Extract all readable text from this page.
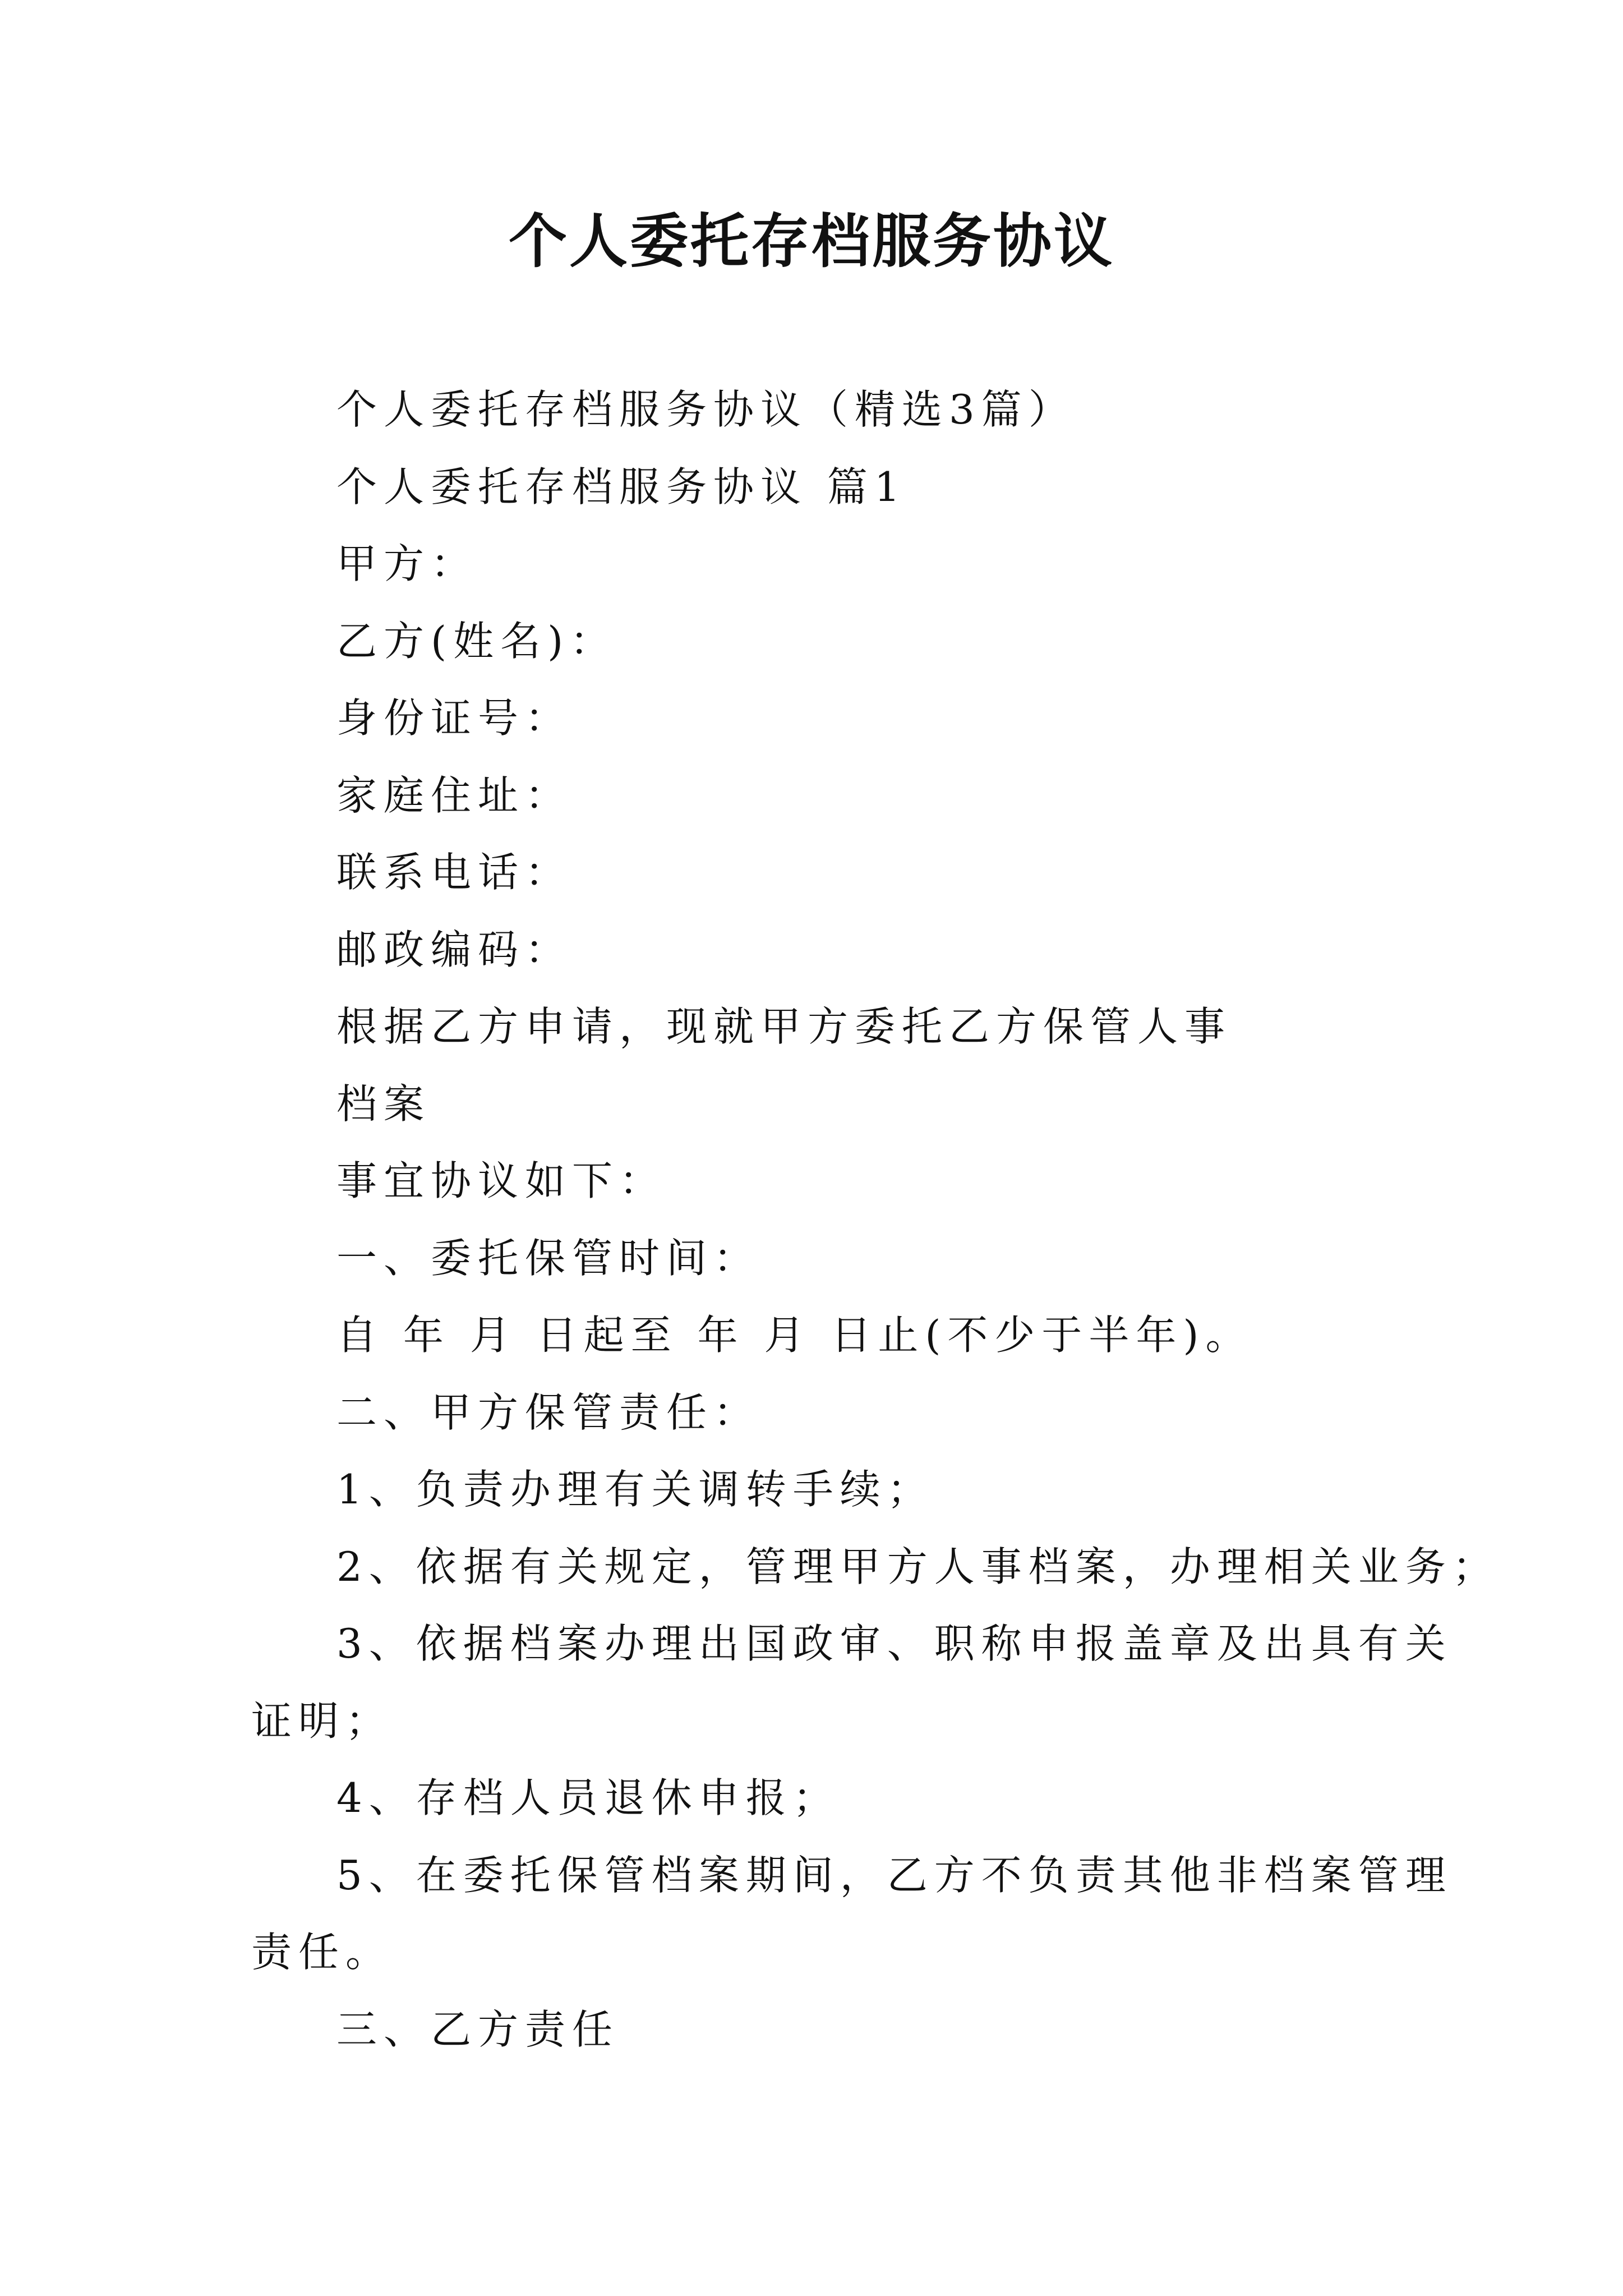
个人委托存档服务协议

个人委托存档服务协议（精选3篇）

个人委托存档服务协议 篇1

甲方：

乙方(姓名)：

身份证号：

家庭住址：

联系电话：

邮政编码：

根据乙方申请，现就甲方委托乙方保管人事

档案

事宜协议如下：

一、委托保管时间：

自 年 月 日起至 年 月 日止(不少于半年)。

二、甲方保管责任：

1、负责办理有关调转手续；

2、依据有关规定，管理甲方人事档案，办理相关业务；

3、依据档案办理出国政审、职称申报盖章及出具有关

证明；

4、存档人员退休申报；

5、在委托保管档案期间，乙方不负责其他非档案管理

责任。

三、乙方责任
